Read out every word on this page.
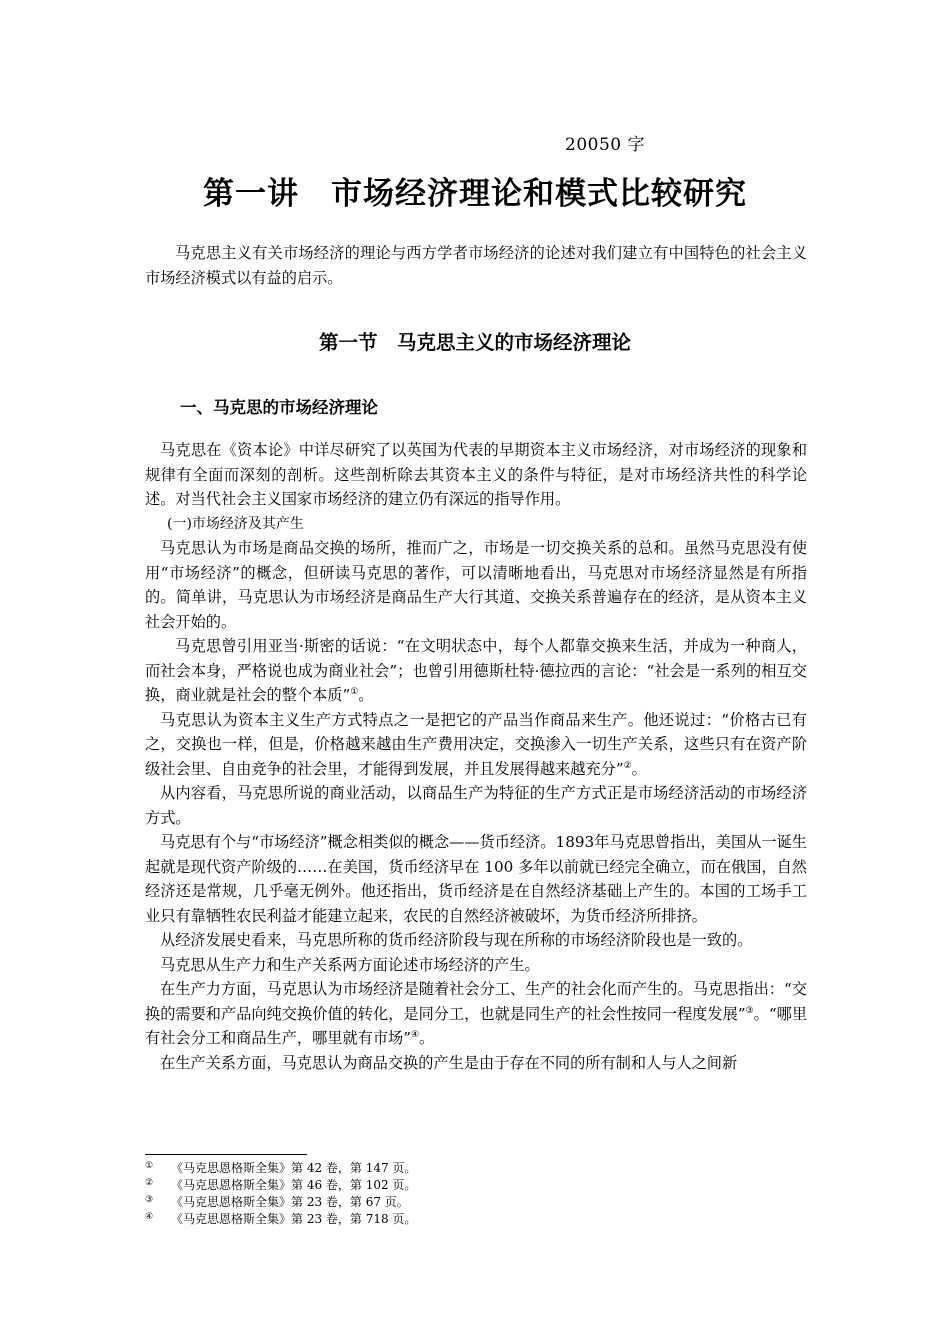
20050 字
第一讲　市场经济理论和模式比较研究
马克思主义有关市场经济的理论与西方学者市场经济的论述对我们建立有中国特色的社会主义市场经济模式以有益的启示。
第一节　马克思主义的市场经济理论
一、马克思的市场经济理论

马克思在《资本论》中详尽研究了以英国为代表的早期资本主义市场经济，对市场经济的现象和规律有全面而深刻的剖析。这些剖析除去其资本主义的条件与特征，是对市场经济共性的科学论述。对当代社会主义国家市场经济的建立仍有深远的指导作用。

(一)市场经济及其产生

马克思认为市场是商品交换的场所，推而广之，市场是一切交换关系的总和。虽然马克思没有使用“市场经济”的概念，但研读马克思的著作，可以清晰地看出，马克思对市场经济显然是有所指的。简单讲，马克思认为市场经济是商品生产大行其道、交换关系普遍存在的经济，是从资本主义社会开始的。

马克思曾引用亚当·斯密的话说：“在文明状态中，每个人都靠交换来生活，并成为一种商人，而社会本身，严格说也成为商业社会”；也曾引用德斯杜特·德拉西的言论：“社会是一系列的相互交换，商业就是社会的整个本质”①。

马克思认为资本主义生产方式特点之一是把它的产品当作商品来生产。他还说过：“价格古已有之，交换也一样，但是，价格越来越由生产费用决定，交换渗入一切生产关系，这些只有在资产阶级社会里、自由竞争的社会里，才能得到发展，并且发展得越来越充分”②。

从内容看，马克思所说的商业活动，以商品生产为特征的生产方式正是市场经济活动的市场经济方式。

马克思有个与“市场经济”概念相类似的概念——货币经济。1893年马克思曾指出，美国从一诞生起就是现代资产阶级的……在美国，货币经济早在 100 多年以前就已经完全确立，而在俄国，自然经济还是常规，几乎毫无例外。他还指出，货币经济是在自然经济基础上产生的。本国的工场手工业只有靠牺牲农民利益才能建立起来，农民的自然经济被破坏，为货币经济所排挤。

从经济发展史看来，马克思所称的货币经济阶段与现在所称的市场经济阶段也是一致的。

马克思从生产力和生产关系两方面论述市场经济的产生。

在生产力方面，马克思认为市场经济是随着社会分工、生产的社会化而产生的。马克思指出：“交换的需要和产品向纯交换价值的转化，是同分工，也就是同生产的社会性按同一程度发展”③。“哪里有社会分工和商品生产，哪里就有市场”④。

在生产关系方面，马克思认为商品交换的产生是由于存在不同的所有制和人与人之间新

①	《马克思恩格斯全集》第 42 卷，第 147 页。
②	《马克思恩格斯全集》第 46 卷，第 102 页。
③	《马克思恩格斯全集》第 23 卷，第 67 页。
④	《马克思恩格斯全集》第 23 卷，第 718 页。
